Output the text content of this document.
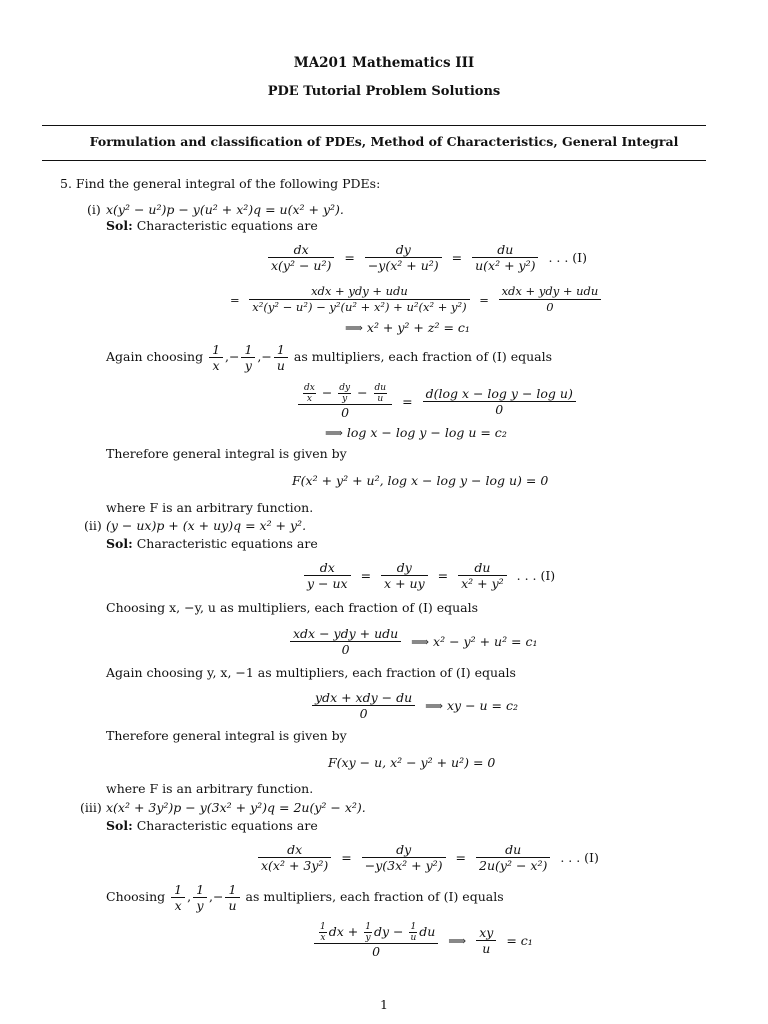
MA201 Mathematics III
PDE Tutorial Problem Solutions
Formulation and classification of PDEs, Method of Characteristics, General Integral
5. Find the general integral of the following PDEs:
(i) x(y² − u²)p − y(u² + x²)q = u(x² + y²).
Sol: Characteristic equations are
$\frac{dx}{\text{x(y² − u²)}} = \frac{dy}{\text{−y(x² + u²)}} = \frac{du}{\text{u(x² + y²)}}$ . . . (I)
= $\frac{\text{xdx + ydy + udu}}{\text{x²(y² − u²) − y²(u² + x²) + u²(x² + y²)}} = \frac{\text{xdx + ydy + udu}}{0}$
⟹ x² + y² + z² = c₁
Again choosing $\frac{1}{x}$ ,− $\frac{1}{y}$ ,− $\frac{1}{u}$ as multipliers, each fraction of (I) equals
$\frac{\frac{dx}{x} - \frac{dy}{y} - \frac{du}{u}}{0} = \frac{\text{d(log x − log y − log u)}}{0}$
⟹ log x − log y − log u = c₂
Therefore general integral is given by
F(x² + y² + u², log x − log y − log u) = 0
where F is an arbitrary function.
(ii) (y − ux)p + (x + uy)q = x² + y².
Sol: Characteristic equations are
$\frac{dx}{y - ux} = \frac{dy}{x + uy} = \frac{du}{\text{x² + y²}}$ . . . (I)
Choosing x, −y, u as multipliers, each fraction of (I) equals
$\frac{\text{xdx − ydy + udu}}{0}$ ⟹ x² − y² + u² = c₁
Again choosing y, x, −1 as multipliers, each fraction of (I) equals
$\frac{\text{ydx + xdy − du}}{0}$ ⟹ xy − u = c₂
Therefore general integral is given by
F(xy − u, x² − y² + u²) = 0
where F is an arbitrary function.
(iii) x(x² + 3y²)p − y(3x² + y²)q = 2u(y² − x²).
Sol: Characteristic equations are
$\frac{dx}{\text{x(x² + 3y²)}} = \frac{dy}{\text{−y(3x² + y²)}} = \frac{du}{\text{2u(y² − x²)}}$ . . . (I)
Choosing $\frac{1}{x}$ , $\frac{1}{y}$ ,− $\frac{1}{u}$ as multipliers, each fraction of (I) equals
$\frac{\frac{1}{x} dx + \frac{1}{y} dy - \frac{1}{u} du}{0}$ ⟹ $\frac{xy}{u} = c_1$
1
